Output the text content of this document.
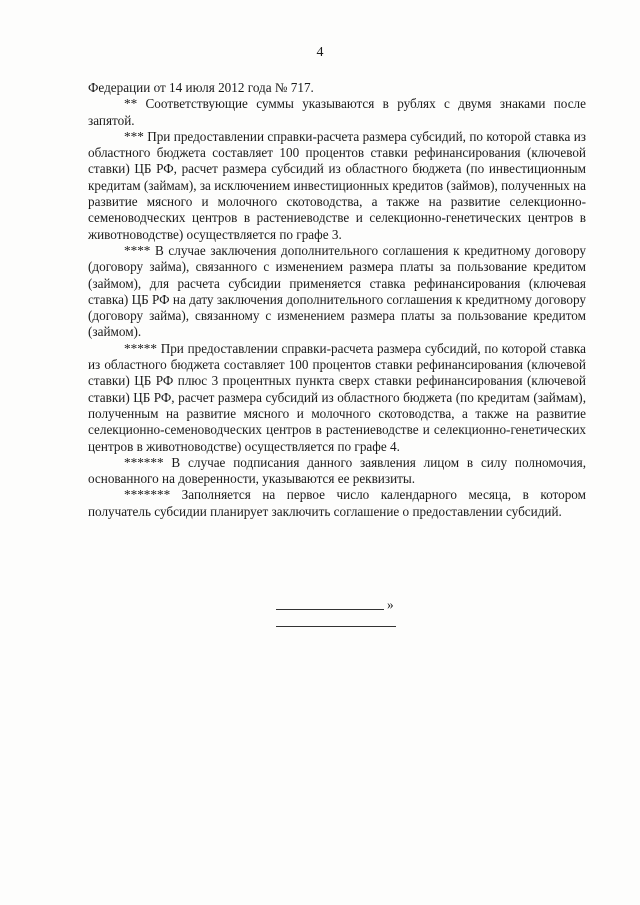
4

Федерации от 14 июля 2012 года № 717.

** Соответствующие суммы указываются в рублях с двумя знаками после запятой.

*** При предоставлении справки-расчета размера субсидий, по которой ставка из областного бюджета составляет 100 процентов ставки рефинансирования (ключевой ставки) ЦБ РФ, расчет размера субсидий из областного бюджета (по инвестиционным кредитам (займам), за исключением инвестиционных кредитов (займов), полученных на развитие мясного и молочного скотоводства, а также на развитие селекционно-семеноводческих центров в растениеводстве и селекционно-генетических центров в животноводстве) осуществляется по графе 3.

**** В случае заключения дополнительного соглашения к кредитному договору (договору займа), связанного с изменением размера платы за пользование кредитом (займом), для расчета субсидии применяется ставка рефинансирования (ключевая ставка) ЦБ РФ на дату заключения дополнительного соглашения к кредитному договору (договору займа), связанному с изменением размера платы за пользование кредитом (займом).

***** При предоставлении справки-расчета размера субсидий, по которой ставка из областного бюджета составляет 100 процентов ставки рефинансирования (ключевой ставки) ЦБ РФ плюс 3 процентных пункта сверх ставки рефинансирования (ключевой ставки) ЦБ РФ, расчет размера субсидий из областного бюджета (по кредитам (займам), полученным на развитие мясного и молочного скотоводства, а также на развитие селекционно-семеноводческих центров в растениеводстве и селекционно-генетических центров в животноводстве) осуществляется по графе 4.

****** В случае подписания данного заявления лицом в силу полномочия, основанного на доверенности, указываются ее реквизиты.

******* Заполняется на первое число календарного месяца, в котором получатель субсидии планирует заключить соглашение о предоставлении субсидий.

»
